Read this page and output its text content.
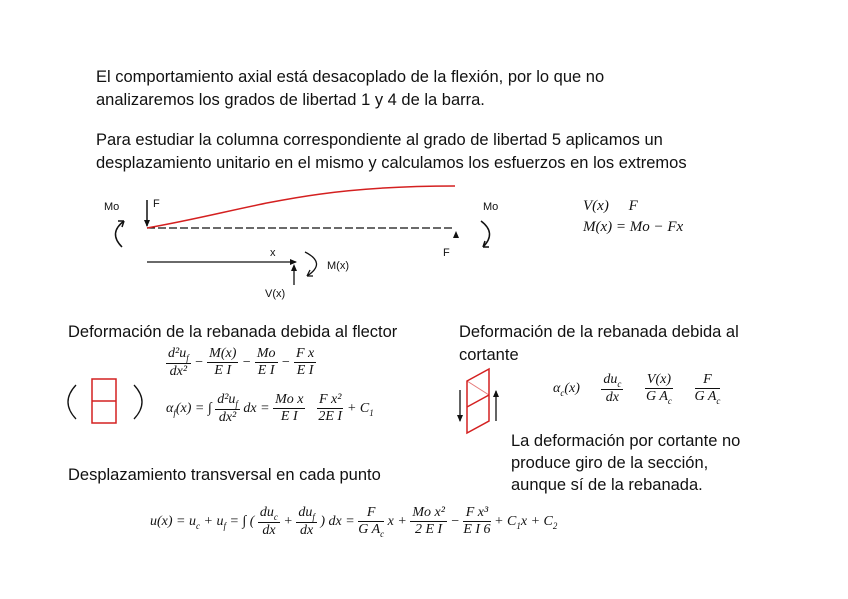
El comportamiento axial está desacoplado de la flexión, por lo que no
analizaremos los grados de libertad 1 y 4 de la barra.
Para estudiar la columna correspondiente al grado de libertad 5 aplicamos un
desplazamiento unitario en el mismo y calculamos los esfuerzos en los extremos
Mo	F	Mo
F
x
M(x)
V(x)
V(x) F
M(x) = Mo − Fx
Deformación de la rebanada debida al flector	Deformación de la rebanada debida al
cortante
$\frac{d^2u_f}{\text{dx²}} - \frac{M(x)}{\text{E I}} - \frac{Mo}{\text{E I}} - \frac{\text{F x}}{\text{E I}}$
$\alpha_f(x)$ = ∫ $\frac{d^2u_f}{\text{dx²}}$ dx = $\frac{\text{Mo x}}{\text{E I}}$
$\frac{\text{F x²}}{\text{2E I}} + C_1$
$\alpha_c(x)$
$du_c$
dx
	$\frac{V(x)}{G A_c}$
$\frac{F}{G A_c}$
La deformación por cortante no
produce giro de la sección,
aunque sí de la rebanada.
Desplazamiento transversal en cada punto
$u(x) = u_c + u_f$ = ∫ (
$du_c$
dx
+
$du_f$
dx
) dx = $\frac{F}{G A_c}$ $x + \frac{\text{Mo x²}}{\text{2 E I}} - \frac{\text{F x³}}{\text{E I 6}} + C_1x + C_2$
